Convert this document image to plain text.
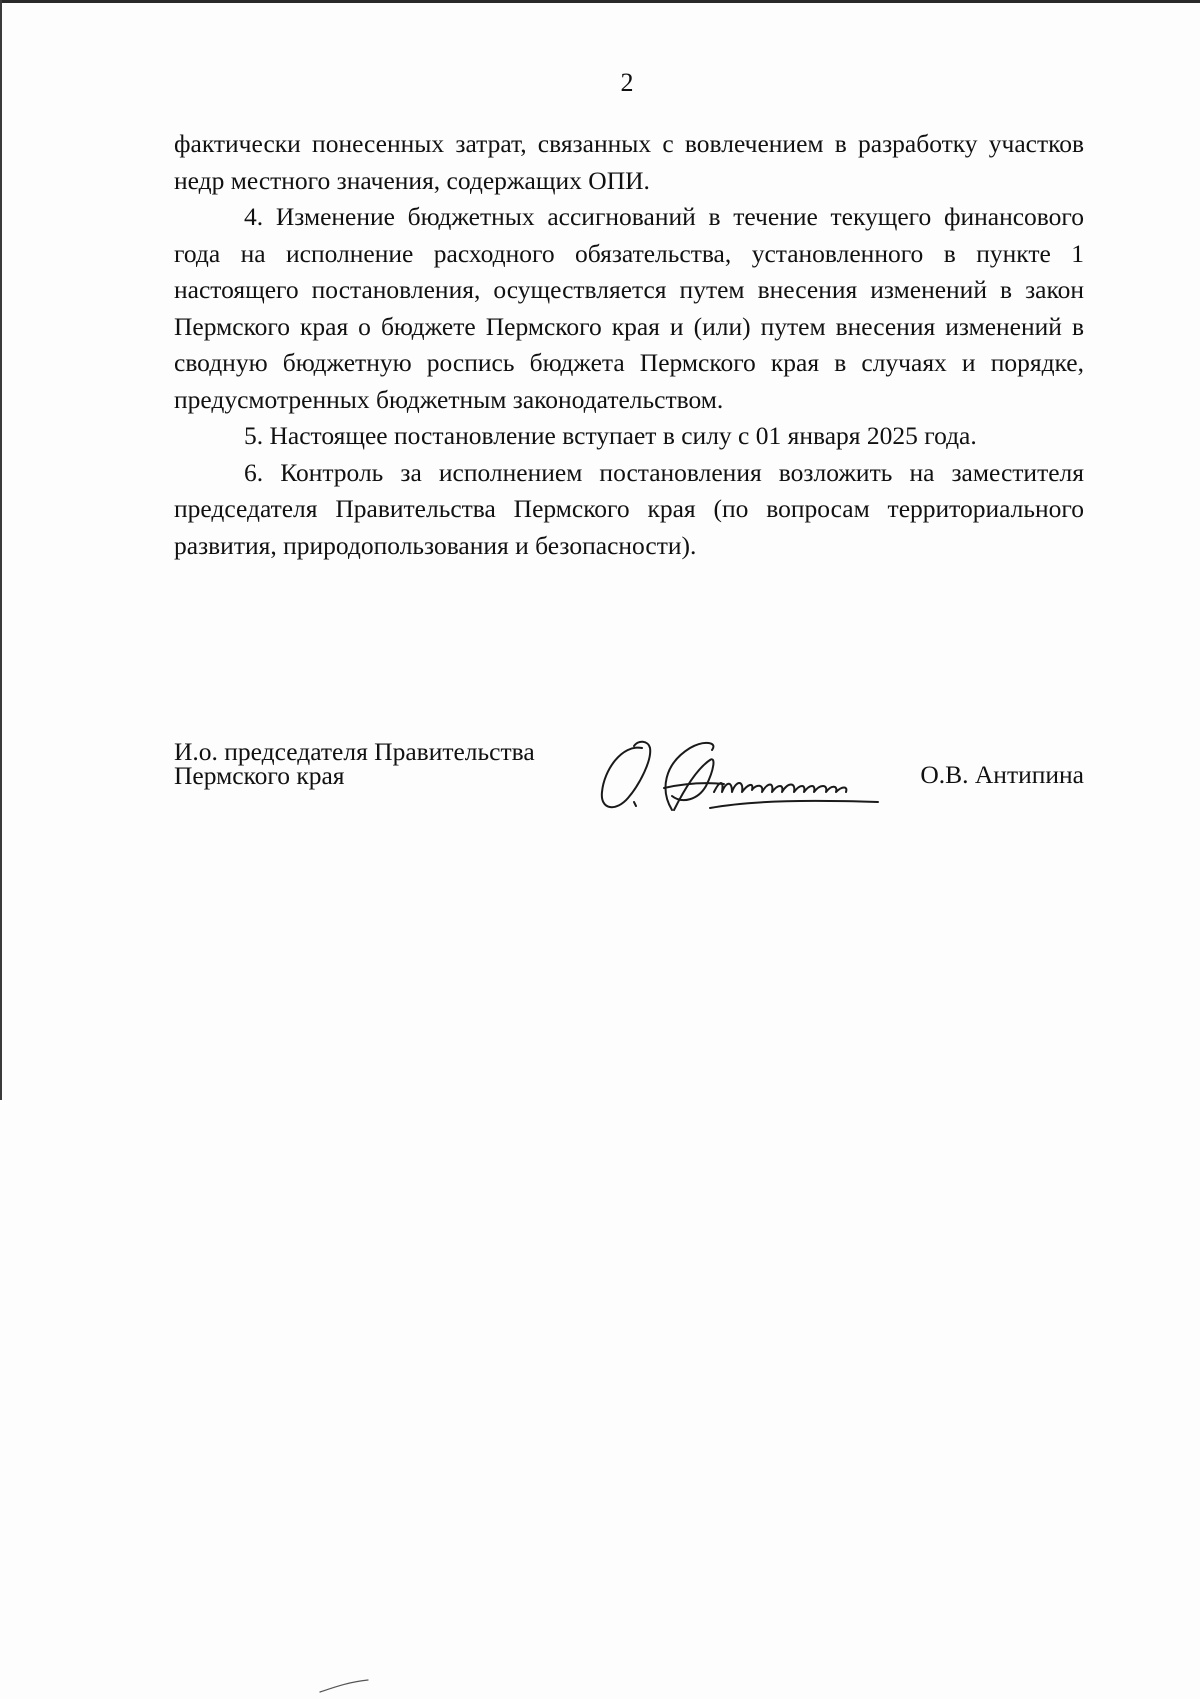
2

фактически понесенных затрат, связанных с вовлечением в разработку участков недр местного значения, содержащих ОПИ.

4. Изменение бюджетных ассигнований в течение текущего финансового года на исполнение расходного обязательства, установленного в пункте 1 настоящего постановления, осуществляется путем внесения изменений в закон Пермского края о бюджете Пермского края и (или) путем внесения изменений в сводную бюджетную роспись бюджета Пермского края в случаях и порядке, предусмотренных бюджетным законодательством.

5. Настоящее постановление вступает в силу с 01 января 2025 года.

6. Контроль за исполнением постановления возложить на заместителя председателя Правительства Пермского края (по вопросам территориального развития, природопользования и безопасности).

И.о. председателя Правительства
Пермского края	О.В. Антипина
